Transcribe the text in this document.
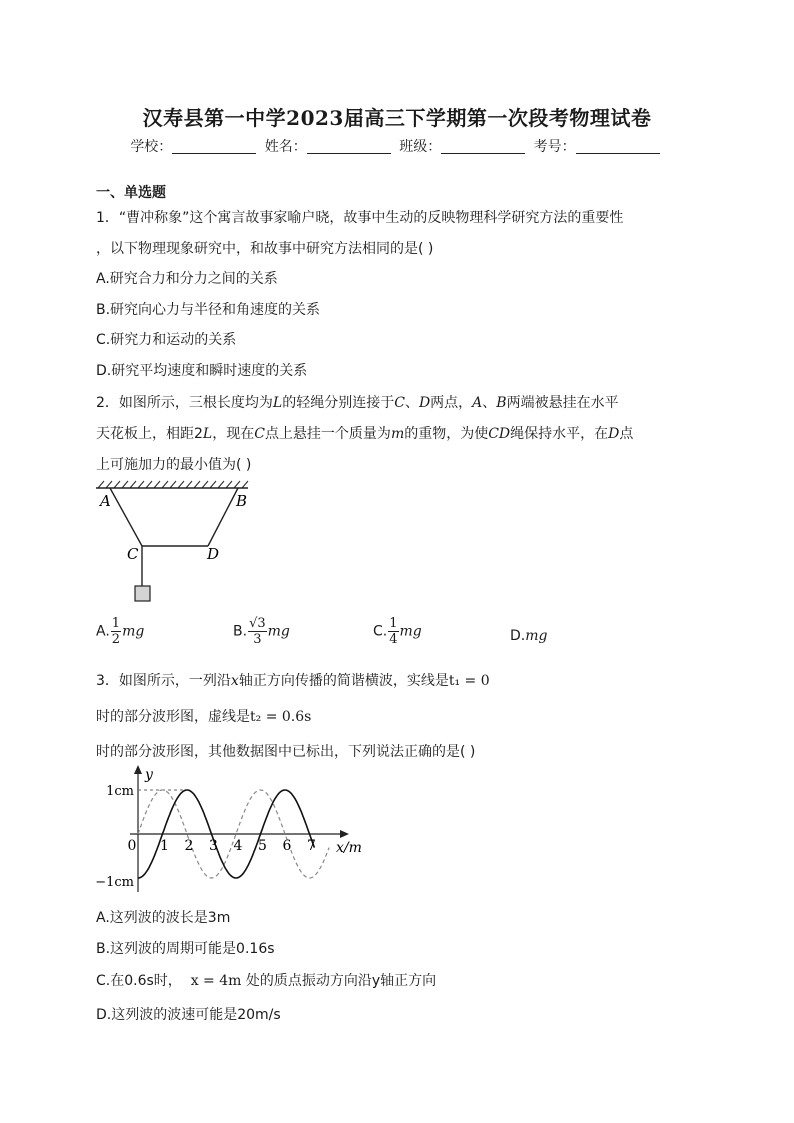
汉寿县第一中学2023届高三下学期第一次段考物理试卷
学校：	姓名：	班级：	考号：
一、单选题
1．“曹冲称象”这个寓言故事家喻户晓，故事中生动的反映物理科学研究方法的重要性
，以下物理现象研究中，和故事中研究方法相同的是( )
A.研究合力和分力之间的关系
B.研究向心力与半径和角速度的关系
C.研究力和运动的关系
D.研究平均速度和瞬时速度的关系
2．如图所示，三根长度均为L的轻绳分别连接于C、D两点，A、B两端被悬挂在水平
天花板上，相距2L，现在C点上悬挂一个质量为m的重物，为使CD绳保持水平，在D点
上可施加力的最小值为( )
A	B
C	D
A. $\frac{1}{2}$ mg	B. $\frac{√3}{3}$ mg	C. $\frac{1}{4}$ mg	D.mg
3．如图所示，一列沿x轴正方向传播的简谐横波，实线是t₁ = 0
时的部分波形图，虚线是t₂ = 0.6s
时的部分波形图，其他数据图中已标出，下列说法正确的是( )
y
1cm
−1cm
x/m
0 1 2 3 4 5 6 7
A.这列波的波长是3m
B.这列波的周期可能是0.16s
C.在0.6s时， x = 4m 处的质点振动方向沿y轴正方向
D.这列波的波速可能是20m/s
